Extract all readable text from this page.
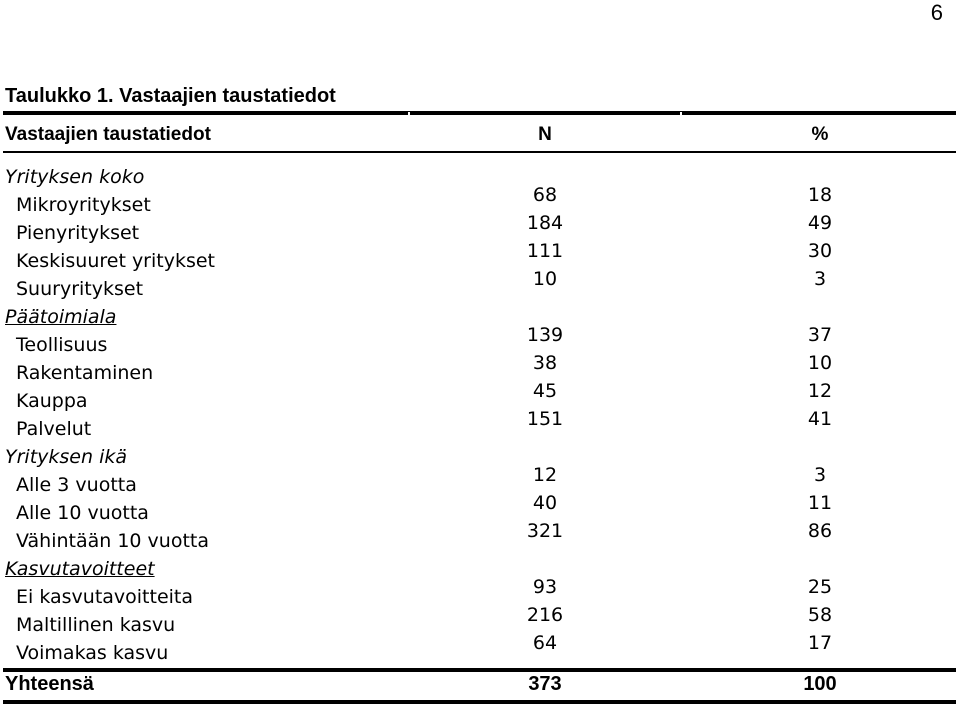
6
Taulukko 1. Vastaajien taustatiedot
Vastaajien taustatiedot	N	%
Yrityksen koko
Mikroyritykset	68	18
Pienyritykset	184	49
Keskisuuret yritykset	111	30
Suuryritykset	10	3
Päätoimiala
Teollisuus	139	37
Rakentaminen	38	10
Kauppa	45	12
Palvelut	151	41
Yrityksen ikä
Alle 3 vuotta	12	3
Alle 10 vuotta	40	11
Vähintään 10 vuotta	321	86
Kasvutavoitteet
Ei kasvutavoitteita	93	25
Maltillinen kasvu	216	58
Voimakas kasvu	64	17
Yhteensä	373	100
